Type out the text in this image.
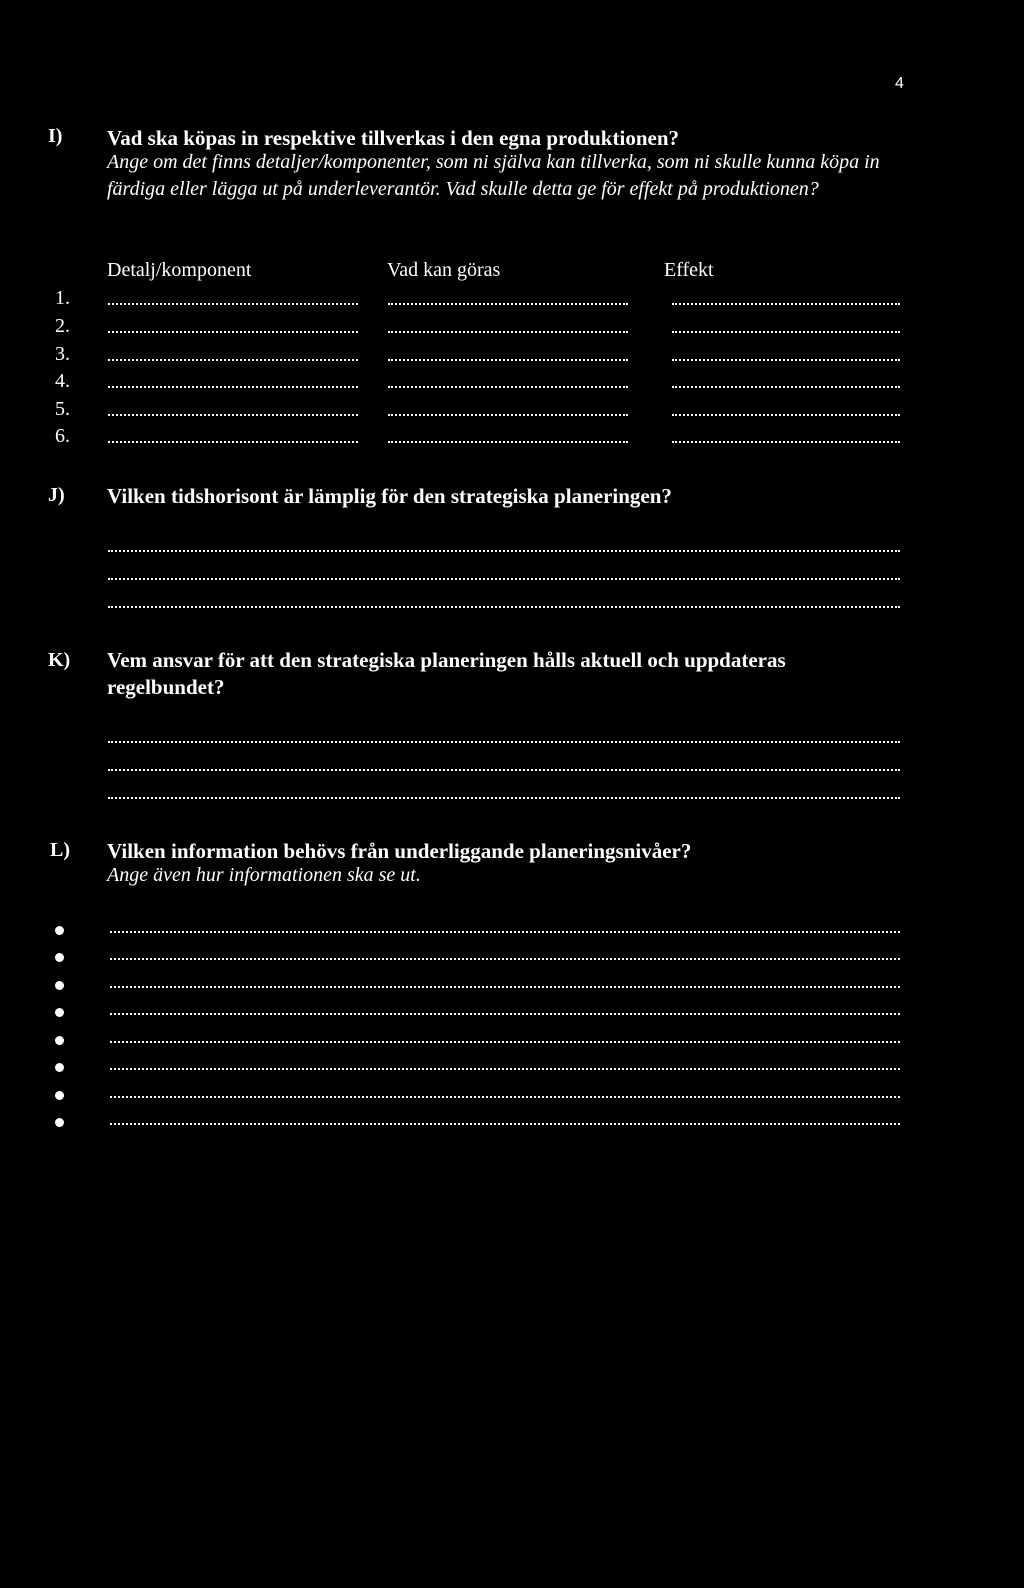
4
I) Vad ska köpas in respektive tillverkas i den egna produktionen?
Ange om det finns detaljer/komponenter, som ni själva kan tillverka, som ni skulle kunna köpa in färdiga eller lägga ut på underleverantör. Vad skulle detta ge för effekt på produktionen?
Detalj/komponent	Vad kan göras	Effekt
1.
2.
3.
4.
5.
6.
J) Vilken tidshorisont är lämplig för den strategiska planeringen?
K) Vem ansvar för att den strategiska planeringen hålls aktuell och uppdateras
regelbundet?
L) Vilken information behövs från underliggande planeringsnivåer?
Ange även hur informationen ska se ut.
